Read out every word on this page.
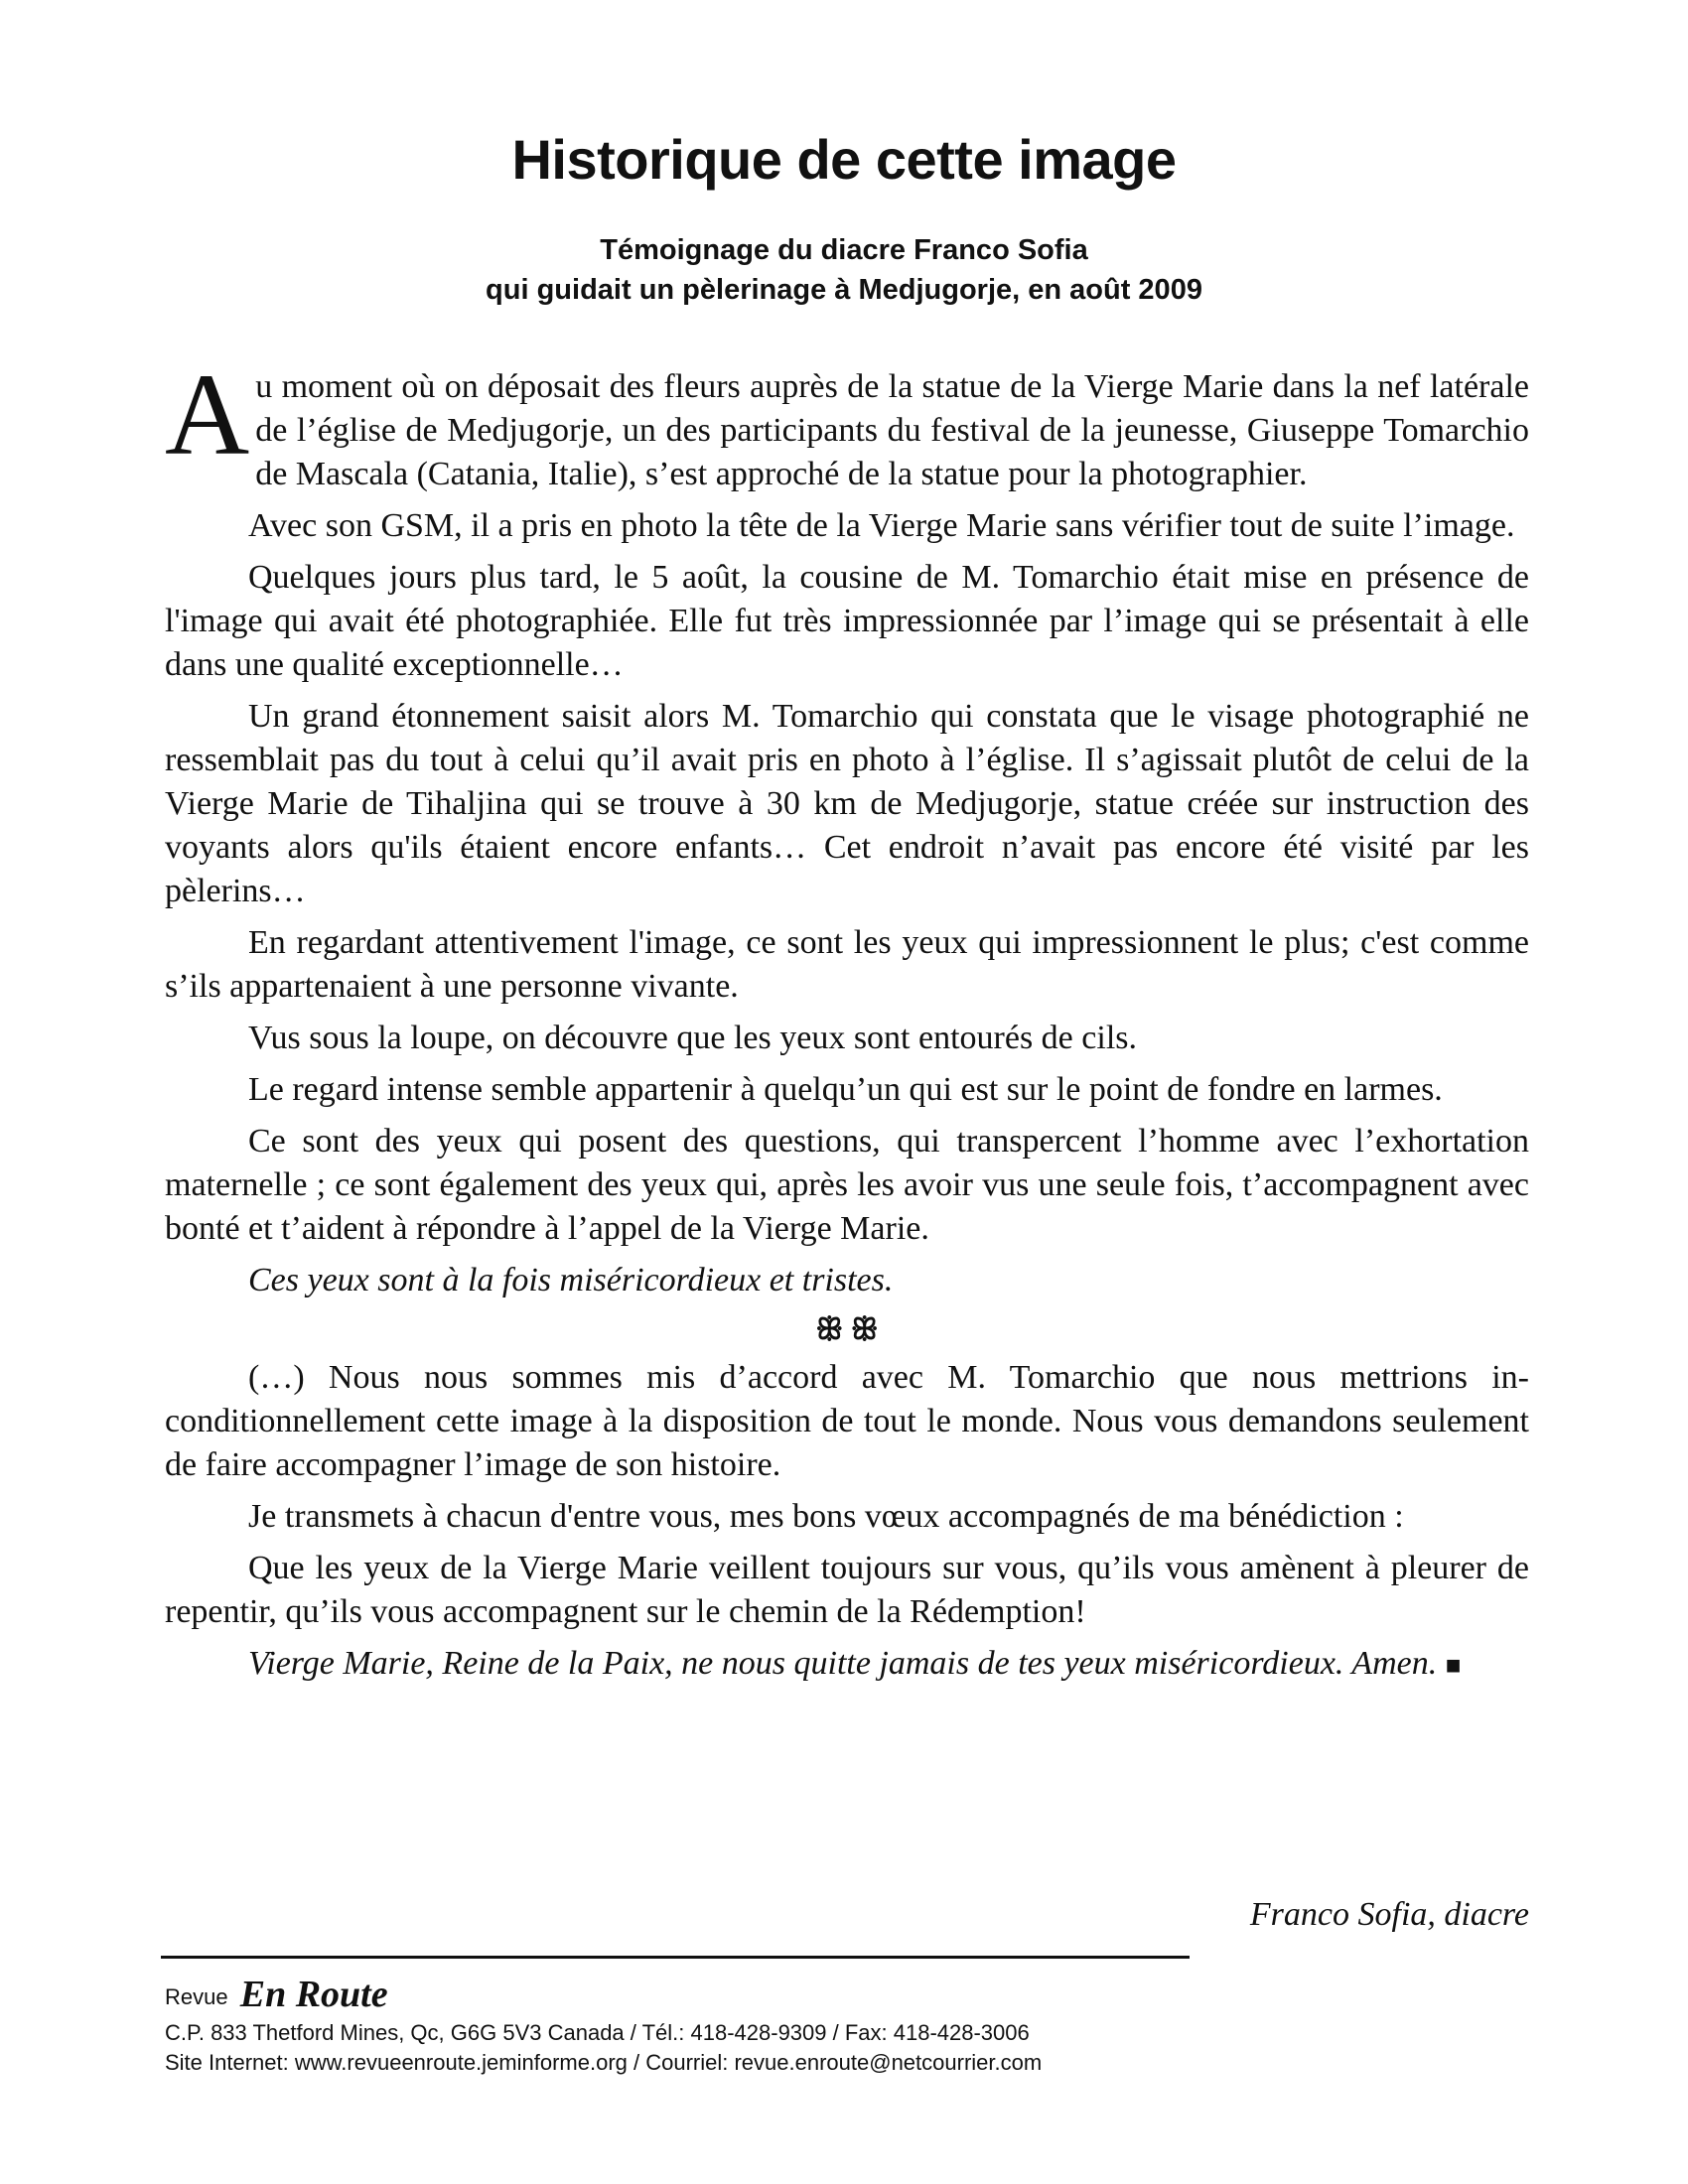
Historique de cette image
Témoignage du diacre Franco Sofia
qui guidait un pèlerinage à Medjugorje, en août 2009

Au moment où on déposait des fleurs auprès de la statue de la Vierge Marie dans la nef latérale de l’église de Medjugorje, un des participants du festival de la jeunesse, Giuseppe Tomarchio de Mascala (Catania, Italie), s’est approché de la statue pour la photographier.

Avec son GSM, il a pris en photo la tête de la Vierge Marie sans vérifier tout de suite l’image.

Quelques jours plus tard, le 5 août, la cousine de M. Tomarchio était mise en présence de l'image qui avait été photographiée. Elle fut très impressionnée par l’image qui se présentait à elle dans une qualité exceptionnelle…

Un grand étonnement saisit alors M. Tomarchio qui constata que le visage photographié ne ressemblait pas du tout à celui qu’il avait pris en photo à l’église. Il s’agissait plutôt de celui de la Vierge Marie de Tihaljina qui se trouve à 30 km de Medjugorje, statue créée sur instruction des voyants alors qu'ils étaient encore enfants… Cet endroit n’avait pas encore été visité par les pèlerins…

En regardant attentivement l'image, ce sont les yeux qui impressionnent le plus; c'est comme s’ils appartenaient à une personne vivante.

Vus sous la loupe, on découvre que les yeux sont entourés de cils.

Le regard intense semble appartenir à quelqu’un qui est sur le point de fondre en larmes.

Ce sont des yeux qui posent des questions, qui transpercent l’homme avec l’exhortation maternelle ; ce sont également des yeux qui, après les avoir vus une seule fois, t’accompagnent avec bonté et t’aident à répondre à l’appel de la Vierge Marie.

Ces yeux sont à la fois miséricordieux et tristes.

ꕥ ꕥ

(…) Nous nous sommes mis d’accord avec M. Tomarchio que nous mettrions inconditionnellement cette image à la disposition de tout le monde. Nous vous demandons seulement de faire accompagner l’image de son histoire.

Je transmets à chacun d'entre vous, mes bons vœux accompagnés de ma bénédiction :

Que les yeux de la Vierge Marie veillent toujours sur vous, qu’ils vous amènent à pleurer de repentir, qu’ils vous accompagnent sur le chemin de la Rédemption!

Vierge Marie, Reine de la Paix, ne nous quitte jamais de tes yeux miséricordieux. Amen. ■

Franco Sofia, diacre
Revue En Route
C.P. 833 Thetford Mines, Qc, G6G 5V3 Canada / Tél.: 418-428-9309 / Fax: 418-428-3006
Site Internet: www.revueenroute.jeminforme.org / Courriel: revue.enroute@netcourrier.com
